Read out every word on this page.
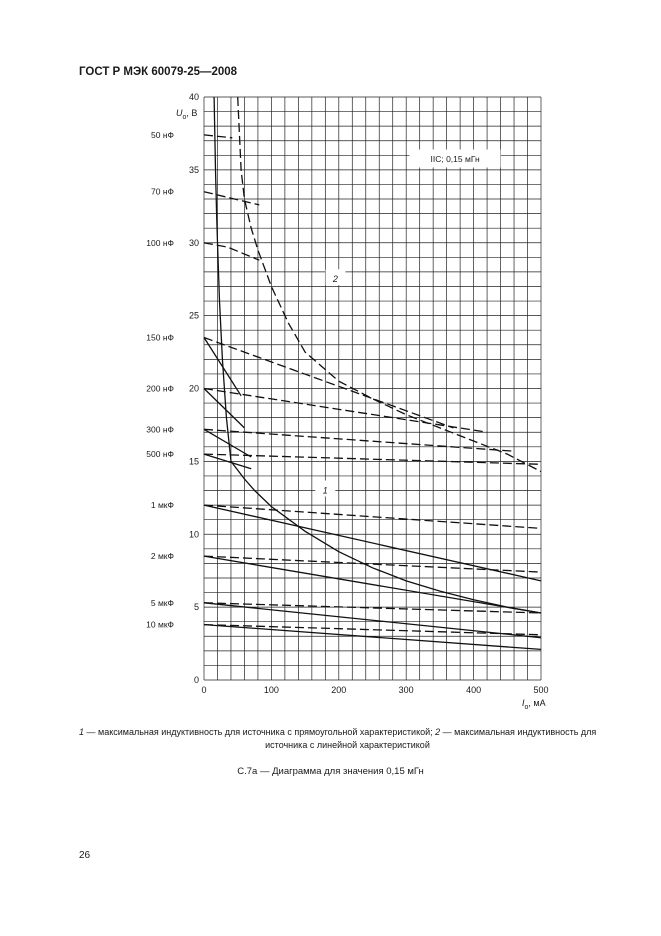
ГОСТ Р МЭК 60079-25—2008
0	100	200	300	400	500
0
5
10
15
20
25
30
35
40
$U_o$, В
$I_o$, мА
50 нФ
70 нФ
100 нФ
150 нФ
200 нФ
300 нФ
500 нФ
1 мкФ
2 мкФ
5 мкФ
10 мкФ
IIC; 0,15 мГн
1
2
1 — максимальная индуктивность для источника с прямоугольной характеристикой; 2 — максимальная индуктивность для
источника с линейной характеристикой
С.7а — Диаграмма для значения 0,15 мГн
26
